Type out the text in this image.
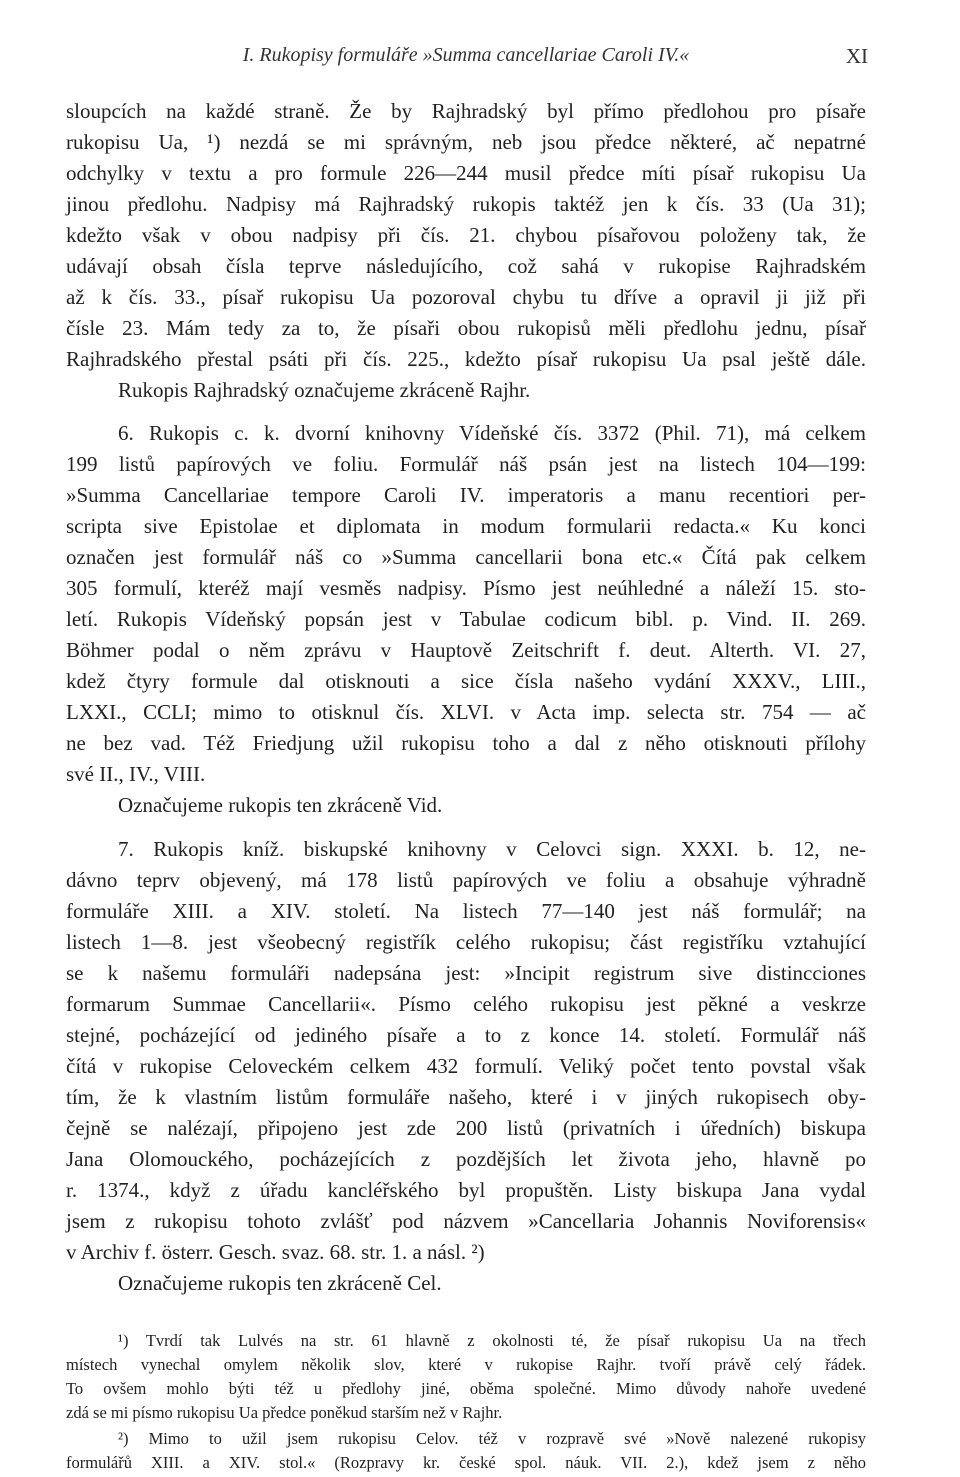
I. Rukopisy formuláře »Summa cancellariae Caroli IV.«	XI
sloupcích na každé straně. Že by Rajhradský byl přímo předlohou pro písaře
rukopisu Ua, ¹) nezdá se mi správným, neb jsou předce některé, ač nepatrné
odchylky v textu a pro formule 226—244 musil předce míti písař rukopisu Ua
jinou předlohu. Nadpisy má Rajhradský rukopis taktéž jen k čís. 33 (Ua 31);
kdežto však v obou nadpisy při čís. 21. chybou písařovou položeny tak, že
udávají obsah čísla teprve následujícího, což sahá v rukopise Rajhradském
až k čís. 33., písař rukopisu Ua pozoroval chybu tu dříve a opravil ji již při
čísle 23. Mám tedy za to, že písaři obou rukopisů měli předlohu jednu, písař
Rajhradského přestal psáti při čís. 225., kdežto písař rukopisu Ua psal ještě dále.
Rukopis Rajhradský označujeme zkráceně Rajhr.
6. Rukopis c. k. dvorní knihovny Vídeňské čís. 3372 (Phil. 71), má celkem
199 listů papírových ve foliu. Formulář náš psán jest na listech 104—199:
»Summa Cancellariae tempore Caroli IV. imperatoris a manu recentiori per-
scripta sive Epistolae et diplomata in modum formularii redacta.« Ku konci
označen jest formulář náš co »Summa cancellarii bona etc.« Čítá pak celkem
305 formulí, kteréž mají vesměs nadpisy. Písmo jest neúhledné a náleží 15. sto-
letí. Rukopis Vídeňský popsán jest v Tabulae codicum bibl. p. Vind. II. 269.
Böhmer podal o něm zprávu v Hauptově Zeitschrift f. deut. Alterth. VI. 27,
kdež čtyry formule dal otisknouti a sice čísla našeho vydání XXXV., LIII.,
LXXI., CCLI; mimo to otisknul čís. XLVI. v Acta imp. selecta str. 754 — ač
ne bez vad. Též Friedjung užil rukopisu toho a dal z něho otisknouti přílohy
své II., IV., VIII.
Označujeme rukopis ten zkráceně Vid.
7. Rukopis kníž. biskupské knihovny v Celovci sign. XXXI. b. 12, ne-
dávno teprv objevený, má 178 listů papírových ve foliu a obsahuje výhradně
formuláře XIII. a XIV. století. Na listech 77—140 jest náš formulář; na
listech 1—8. jest všeobecný registřík celého rukopisu; část registříku vztahující
se k našemu formuláři nadepsána jest: »Incipit registrum sive distincciones
formarum Summae Cancellarii«. Písmo celého rukopisu jest pěkné a veskrze
stejné, pocházející od jediného písaře a to z konce 14. století. Formulář náš
čítá v rukopise Celoveckém celkem 432 formulí. Veliký počet tento povstal však
tím, že k vlastním listům formuláře našeho, které i v jiných rukopisech oby-
čejně se nalézají, připojeno jest zde 200 listů (privatních i úředních) biskupa
Jana Olomouckého, pocházejících z pozdějších let života jeho, hlavně po
r. 1374., když z úřadu kancléřského byl propuštěn. Listy biskupa Jana vydal
jsem z rukopisu tohoto zvlášť pod názvem »Cancellaria Johannis Noviforensis«
v Archiv f. österr. Gesch. svaz. 68. str. 1. a násl. ²)
Označujeme rukopis ten zkráceně Cel.
¹) Tvrdí tak Lulvés na str. 61 hlavně z okolnosti té, že písař rukopisu Ua na třech
místech vynechal omylem několik slov, které v rukopise Rajhr. tvoří právě celý řádek.
To ovšem mohlo býti též u předlohy jiné, oběma společné. Mimo důvody nahoře uvedené
zdá se mi písmo rukopisu Ua předce poněkud starším než v Rajhr.
²) Mimo to užil jsem rukopisu Celov. též v rozpravě své »Nově nalezené rukopisy
formulářů XIII. a XIV. stol.« (Rozpravy kr. české spol. náuk. VII. 2.), kdež jsem z něho
